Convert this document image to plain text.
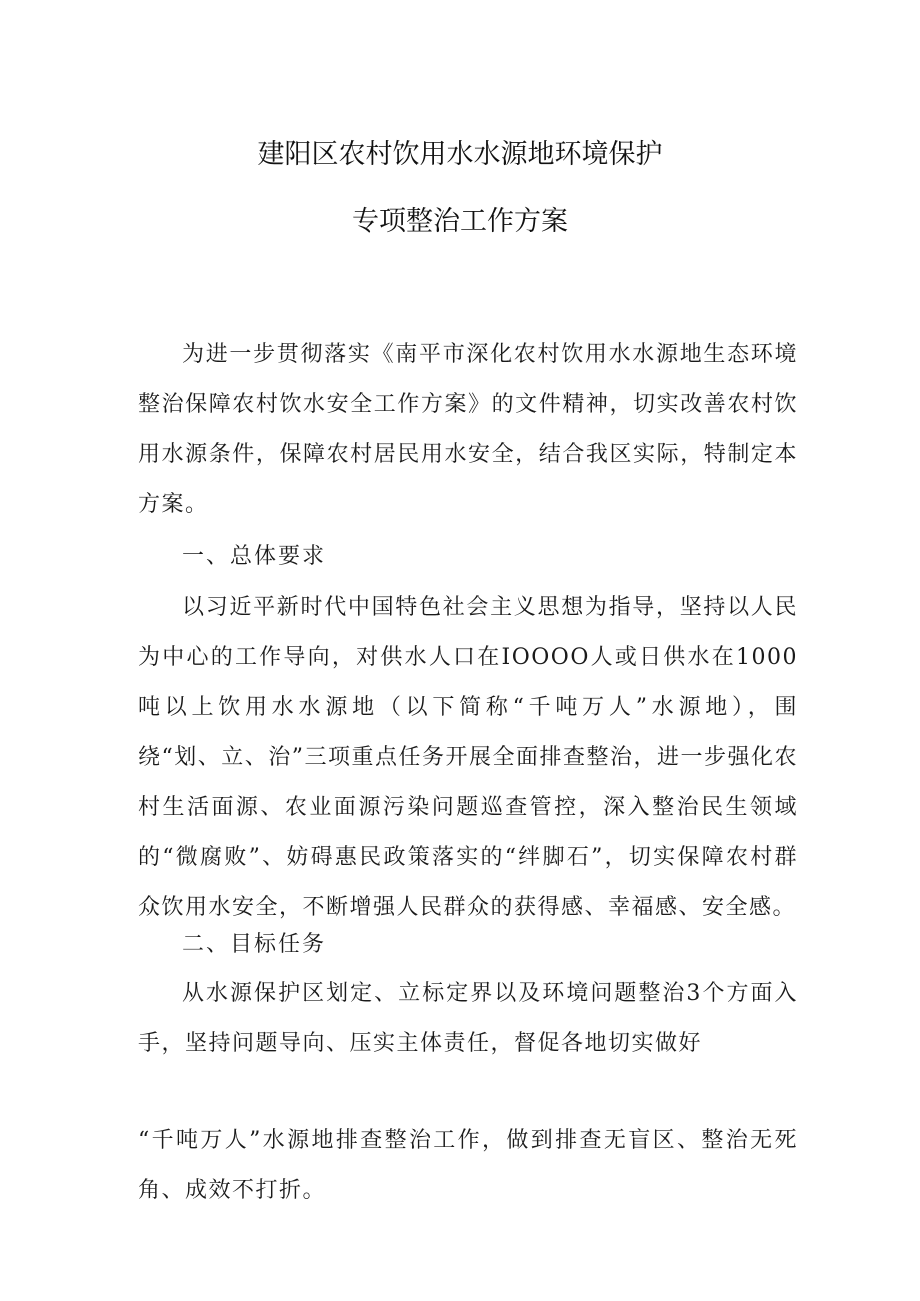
建阳区农村饮用水水源地环境保护
专项整治工作方案

为进一步贯彻落实《南平市深化农村饮用水水源地生态环境整治保障农村饮水安全工作方案》的文件精神，切实改善农村饮用水源条件，保障农村居民用水安全，结合我区实际，特制定本方案。

一、总体要求

以习近平新时代中国特色社会主义思想为指导，坚持以人民为中心的工作导向，对供水人口在IOOOO人或日供水在1000吨以上饮用水水源地（以下简称“千吨万人”水源地），围绕“划、立、治”三项重点任务开展全面排查整治，进一步强化农村生活面源、农业面源污染问题巡查管控，深入整治民生领域的“微腐败”、妨碍惠民政策落实的“绊脚石”，切实保障农村群众饮用水安全，不断增强人民群众的获得感、幸福感、安全感。

二、目标任务

从水源保护区划定、立标定界以及环境问题整治3个方面入手，坚持问题导向、压实主体责任，督促各地切实做好

“千吨万人”水源地排查整治工作，做到排查无盲区、整治无死角、成效不打折。
